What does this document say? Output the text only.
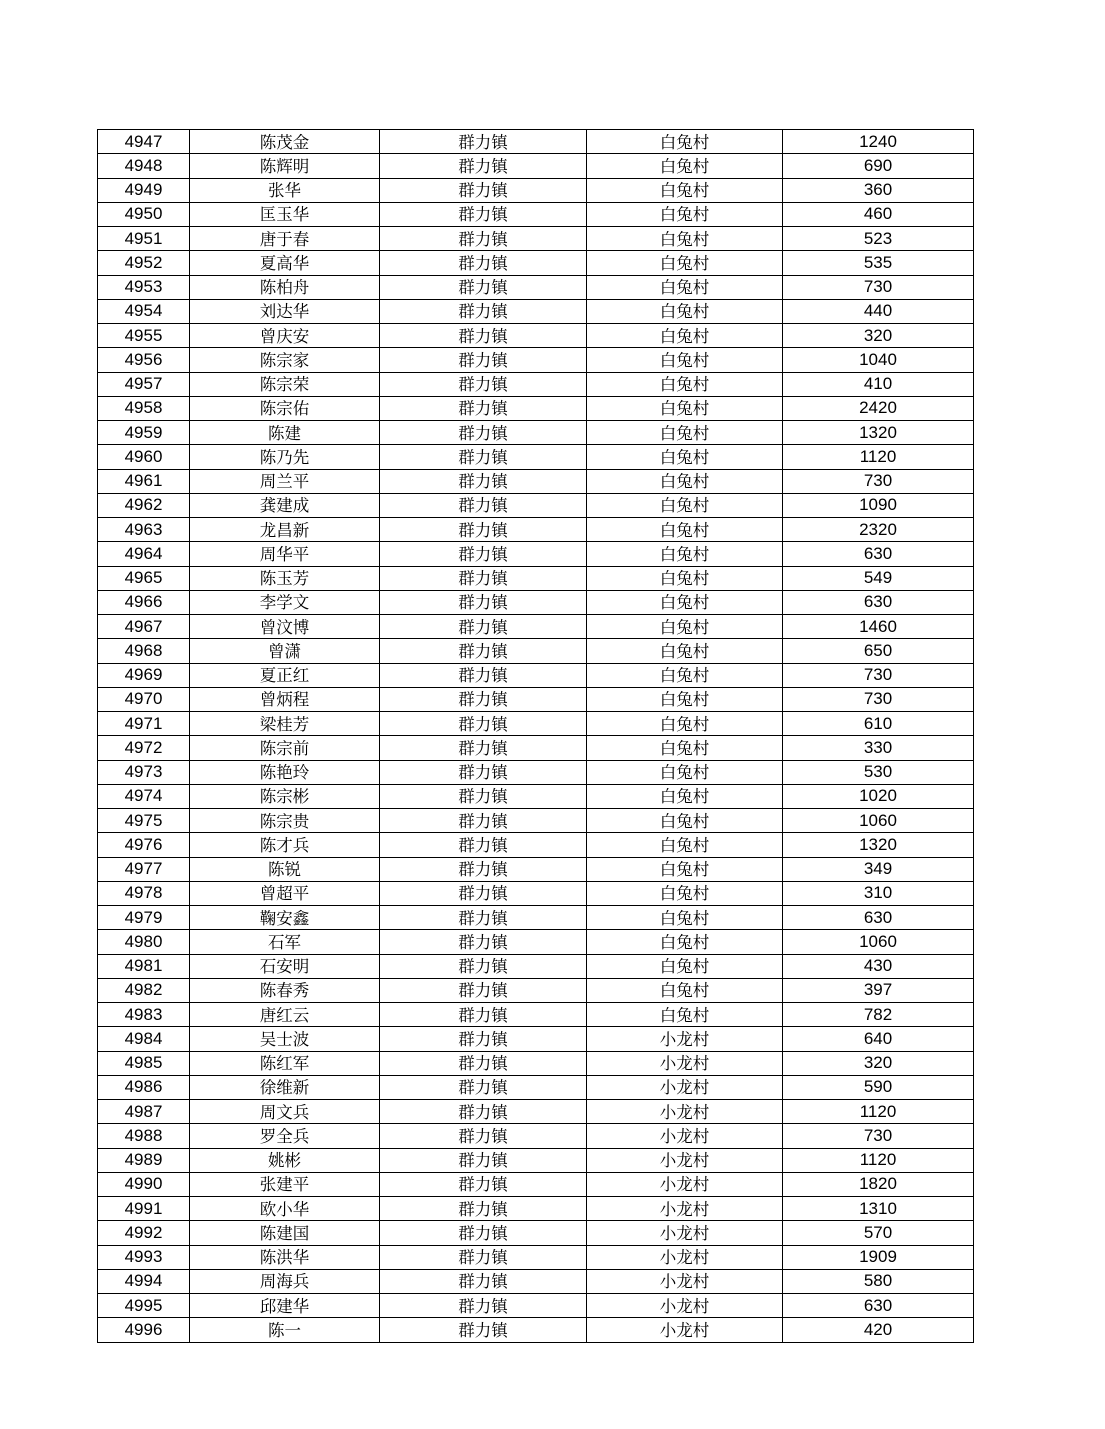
4947	陈茂金	群力镇	白兔村	1240
4948	陈辉明	群力镇	白兔村	690
4949	张华	群力镇	白兔村	360
4950	匡玉华	群力镇	白兔村	460
4951	唐于春	群力镇	白兔村	523
4952	夏高华	群力镇	白兔村	535
4953	陈柏舟	群力镇	白兔村	730
4954	刘达华	群力镇	白兔村	440
4955	曾庆安	群力镇	白兔村	320
4956	陈宗家	群力镇	白兔村	1040
4957	陈宗荣	群力镇	白兔村	410
4958	陈宗佑	群力镇	白兔村	2420
4959	陈建	群力镇	白兔村	1320
4960	陈乃先	群力镇	白兔村	1120
4961	周兰平	群力镇	白兔村	730
4962	龚建成	群力镇	白兔村	1090
4963	龙昌新	群力镇	白兔村	2320
4964	周华平	群力镇	白兔村	630
4965	陈玉芳	群力镇	白兔村	549
4966	李学文	群力镇	白兔村	630
4967	曾汶博	群力镇	白兔村	1460
4968	曾潇	群力镇	白兔村	650
4969	夏正红	群力镇	白兔村	730
4970	曾炳程	群力镇	白兔村	730
4971	梁桂芳	群力镇	白兔村	610
4972	陈宗前	群力镇	白兔村	330
4973	陈艳玲	群力镇	白兔村	530
4974	陈宗彬	群力镇	白兔村	1020
4975	陈宗贵	群力镇	白兔村	1060
4976	陈才兵	群力镇	白兔村	1320
4977	陈锐	群力镇	白兔村	349
4978	曾超平	群力镇	白兔村	310
4979	鞠安鑫	群力镇	白兔村	630
4980	石军	群力镇	白兔村	1060
4981	石安明	群力镇	白兔村	430
4982	陈春秀	群力镇	白兔村	397
4983	唐红云	群力镇	白兔村	782
4984	吴士波	群力镇	小龙村	640
4985	陈红军	群力镇	小龙村	320
4986	徐维新	群力镇	小龙村	590
4987	周文兵	群力镇	小龙村	1120
4988	罗全兵	群力镇	小龙村	730
4989	姚彬	群力镇	小龙村	1120
4990	张建平	群力镇	小龙村	1820
4991	欧小华	群力镇	小龙村	1310
4992	陈建国	群力镇	小龙村	570
4993	陈洪华	群力镇	小龙村	1909
4994	周海兵	群力镇	小龙村	580
4995	邱建华	群力镇	小龙村	630
4996	陈一	群力镇	小龙村	420
